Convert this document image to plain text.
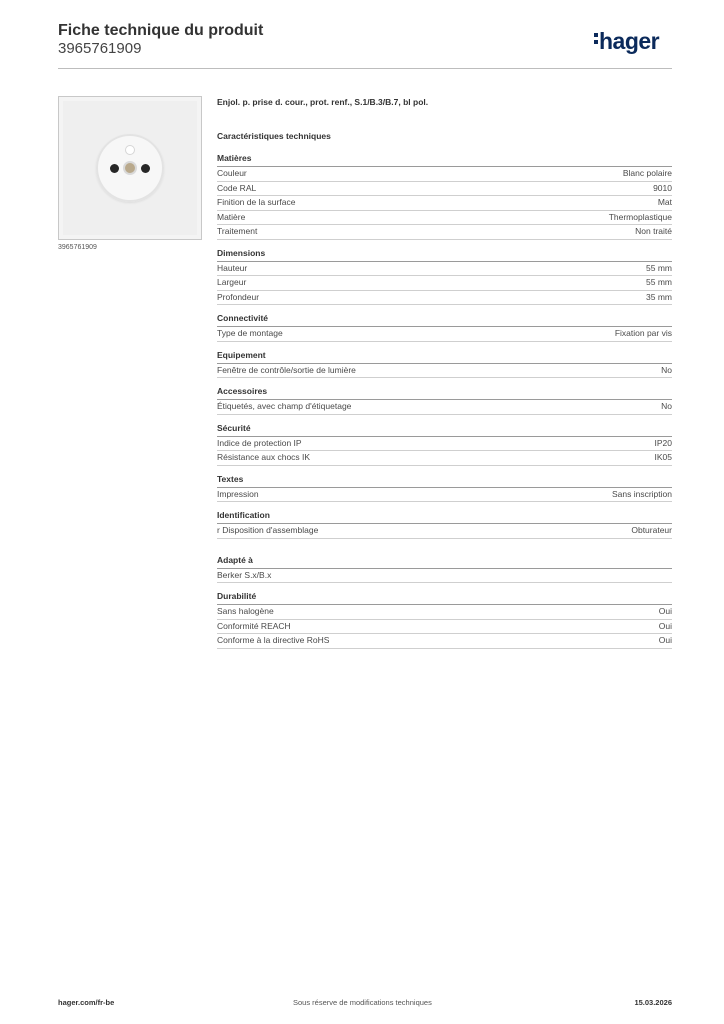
Fiche technique du produit
3965761909	hager
3965761909
Enjol. p. prise d. cour., prot. renf., S.1/B.3/B.7, bl pol.
Caractéristiques techniques
Matières
Couleur	Blanc polaire
Code RAL	9010
Finition de la surface	Mat
Matière	Thermoplastique
Traitement	Non traité
Dimensions
Hauteur	55 mm
Largeur	55 mm
Profondeur	35 mm
Connectivité
Type de montage	Fixation par vis
Equipement
Fenêtre de contrôle/sortie de lumière	No
Accessoires
Étiquetés, avec champ d'étiquetage	No
Sécurité
Indice de protection IP	IP20
Résistance aux chocs IK	IK05
Textes
Impression	Sans inscription
Identification
r Disposition d'assemblage	Obturateur
Adapté à
Berker S.x/B.x
Durabilité
Sans halogène	Oui
Conformité REACH	Oui
Conforme à la directive RoHS	Oui
hager.com/fr-be	Sous réserve de modifications techniques	15.03.2026
